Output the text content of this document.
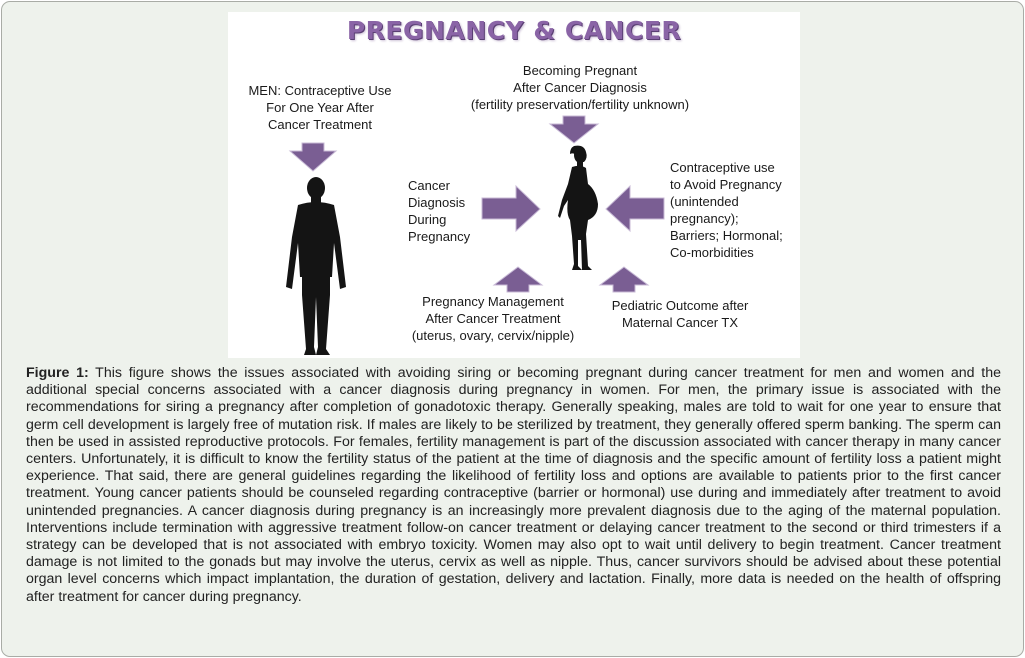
PREGNANCY & CANCER
MEN: Contraceptive Use
For One Year After
Cancer Treatment
Becoming Pregnant
After Cancer Diagnosis
(fertility preservation/fertility unknown)
Cancer
Diagnosis
During
Pregnancy
Contraceptive use
to Avoid Pregnancy
(unintended
pregnancy);
Barriers; Hormonal;
Co-morbidities
Pregnancy Management
After Cancer Treatment
(uterus, ovary, cervix/nipple)
Pediatric Outcome after
Maternal Cancer TX
Figure 1: This figure shows the issues associated with avoiding siring or becoming pregnant during cancer treatment for men and women and the additional special concerns associated with a cancer diagnosis during pregnancy in women. For men, the primary issue is associated with the recommendations for siring a pregnancy after completion of gonadotoxic therapy. Generally speaking, males are told to wait for one year to ensure that germ cell development is largely free of mutation risk. If males are likely to be sterilized by treatment, they generally offered sperm banking. The sperm can then be used in assisted reproductive protocols. For females, fertility management is part of the discussion associated with cancer therapy in many cancer centers. Unfortunately, it is difficult to know the fertility status of the patient at the time of diagnosis and the specific amount of fertility loss a patient might experience. That said, there are general guidelines regarding the likelihood of fertility loss and options are available to patients prior to the first cancer treatment. Young cancer patients should be counseled regarding contraceptive (barrier or hormonal) use during and immediately after treatment to avoid unintended pregnancies. A cancer diagnosis during pregnancy is an increasingly more prevalent diagnosis due to the aging of the maternal population. Interventions include termination with aggressive treatment follow-on cancer treatment or delaying cancer treatment to the second or third trimesters if a strategy can be developed that is not associated with embryo toxicity. Women may also opt to wait until delivery to begin treatment. Cancer treatment damage is not limited to the gonads but may involve the uterus, cervix as well as nipple. Thus, cancer survivors should be advised about these potential organ level concerns which impact implantation, the duration of gestation, delivery and lactation. Finally, more data is needed on the health of offspring after treatment for cancer during pregnancy.
